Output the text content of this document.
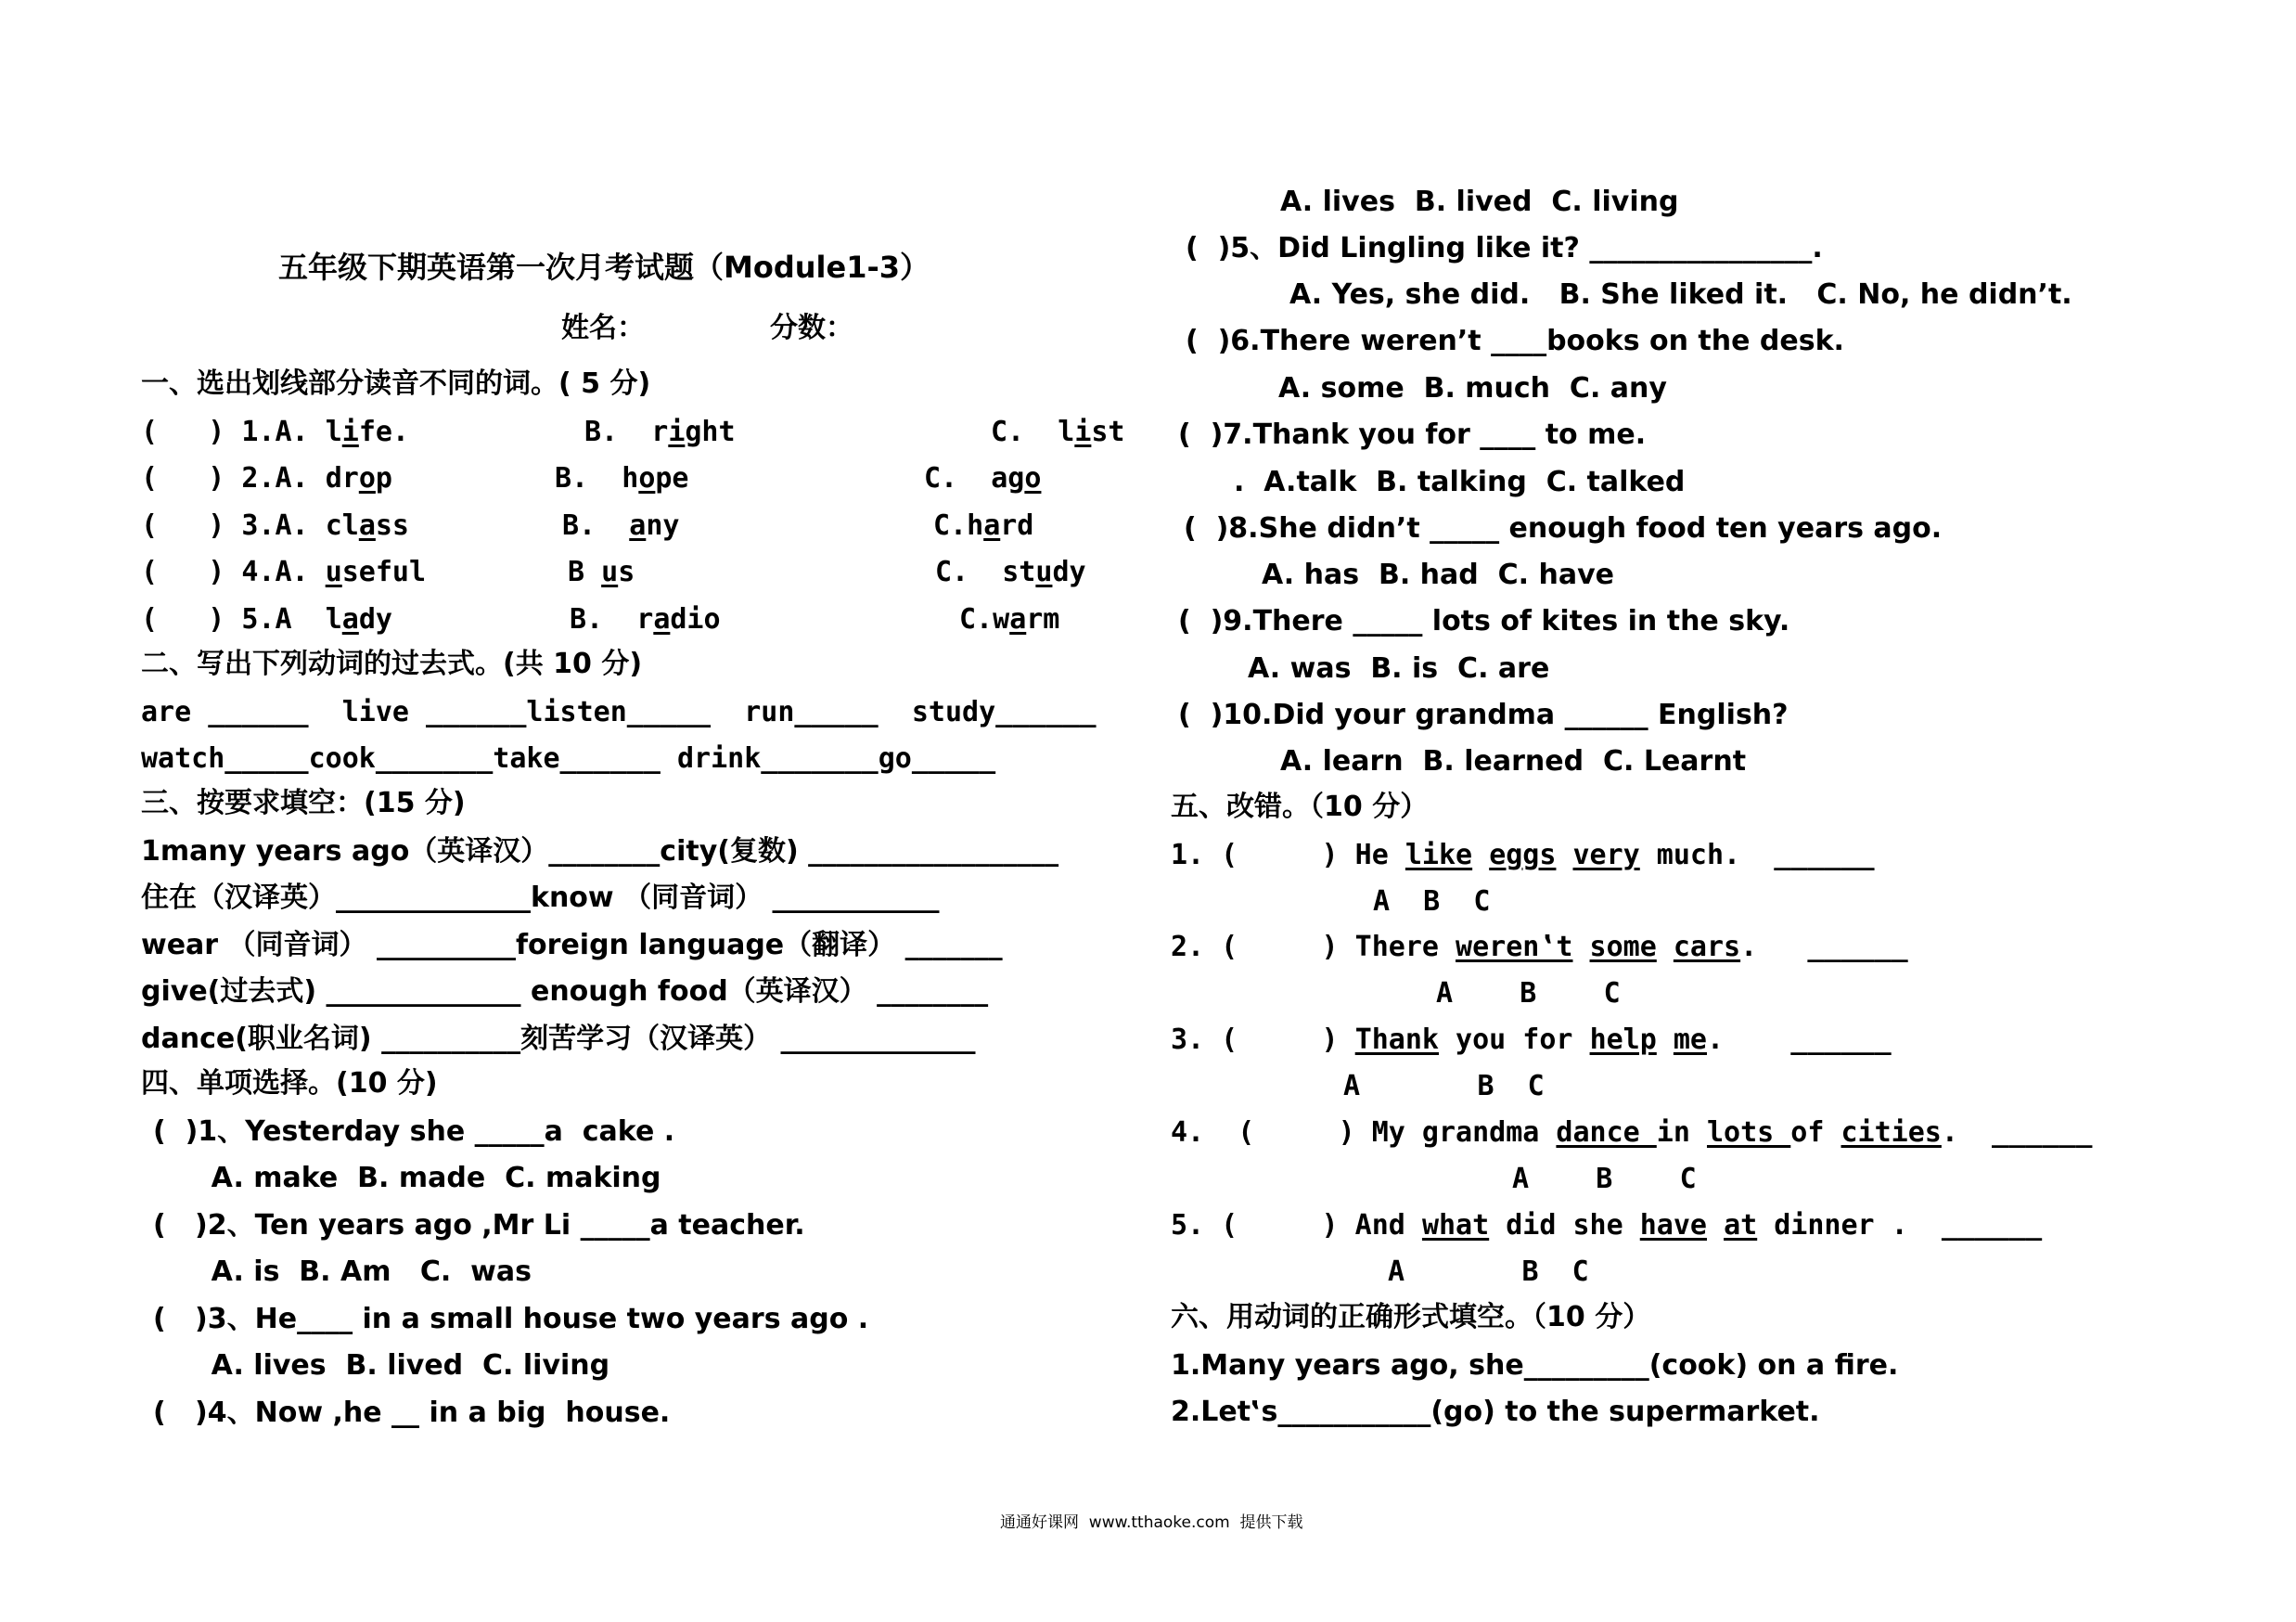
五年级下期英语第一次月考试题（Module1-3）
姓名：	分数：
一、选出划线部分读音不同的词。( 5 分)
(   ) 1.A. life.	B.  right	C.  list
(   ) 2.A. drop	B.  hope	C.  ago
(   ) 3.A. class	B.  any	C.hard
(   ) 4.A. useful	B us	C.  study
(   ) 5.A  lady	B.  radio	C.warm
二、写出下列动词的过去式。(共 10 分)
are ______  live ______listen_____  run_____  study______
watch_____cook_______take______ drink_______go_____
三、按要求填空：(15 分)
1many years ago（英译汉）________city(复数) __________________
住在（汉译英）______________know （同音词） ____________
wear （同音词） __________foreign language（翻译） _______
give(过去式) ______________ enough food（英译汉） ________
dance(职业名词) __________刻苦学习（汉译英） ______________
四、单项选择。(10 分)
(  )1、Yesterday she _____a  cake .
A. make  B. made  C. making
(   )2、Ten years ago ,Mr Li _____a teacher.
A. is  B. Am   C.  was
(   )3、He____ in a small house two years ago .
A. lives  B. lived  C. living
(   )4、Now ,he __ in a big  house.
A. lives  B. lived  C. living
(  )5、Did Lingling like it? ________________.
A. Yes, she did.   B. She liked it.   C. No, he didn’t.
(  )6.There weren’t ____books on the desk.
A. some  B. much  C. any
(  )7.Thank you for ____ to me.
.  A.talk  B. talking  C. talked
(  )8.She didn’t _____ enough food ten years ago.
A. has  B. had  C. have
(  )9.There _____ lots of kites in the sky.
A. was  B. is  C. are
(  )10.Did your grandma ______ English?
A. learn  B. learned  C. Learnt
五、改错。（10 分）
1. (     ) He like eggs very much.  ______
A  B  C
2. (     ) There weren‛t some cars.   ______
A    B    C
3. (     ) Thank you for help me.    ______
A       B  C
4.  (     ) My grandma dance in lots of cities.  ______
A    B    C
5. (     ) And what did she have at dinner .  ______
A       B  C
六、用动词的正确形式填空。（10 分）
1.Many years ago, she_________(cook) on a fire.
2.Let‛s___________(go) to the supermarket.
通通好课网  www.tthaoke.com  提供下载
